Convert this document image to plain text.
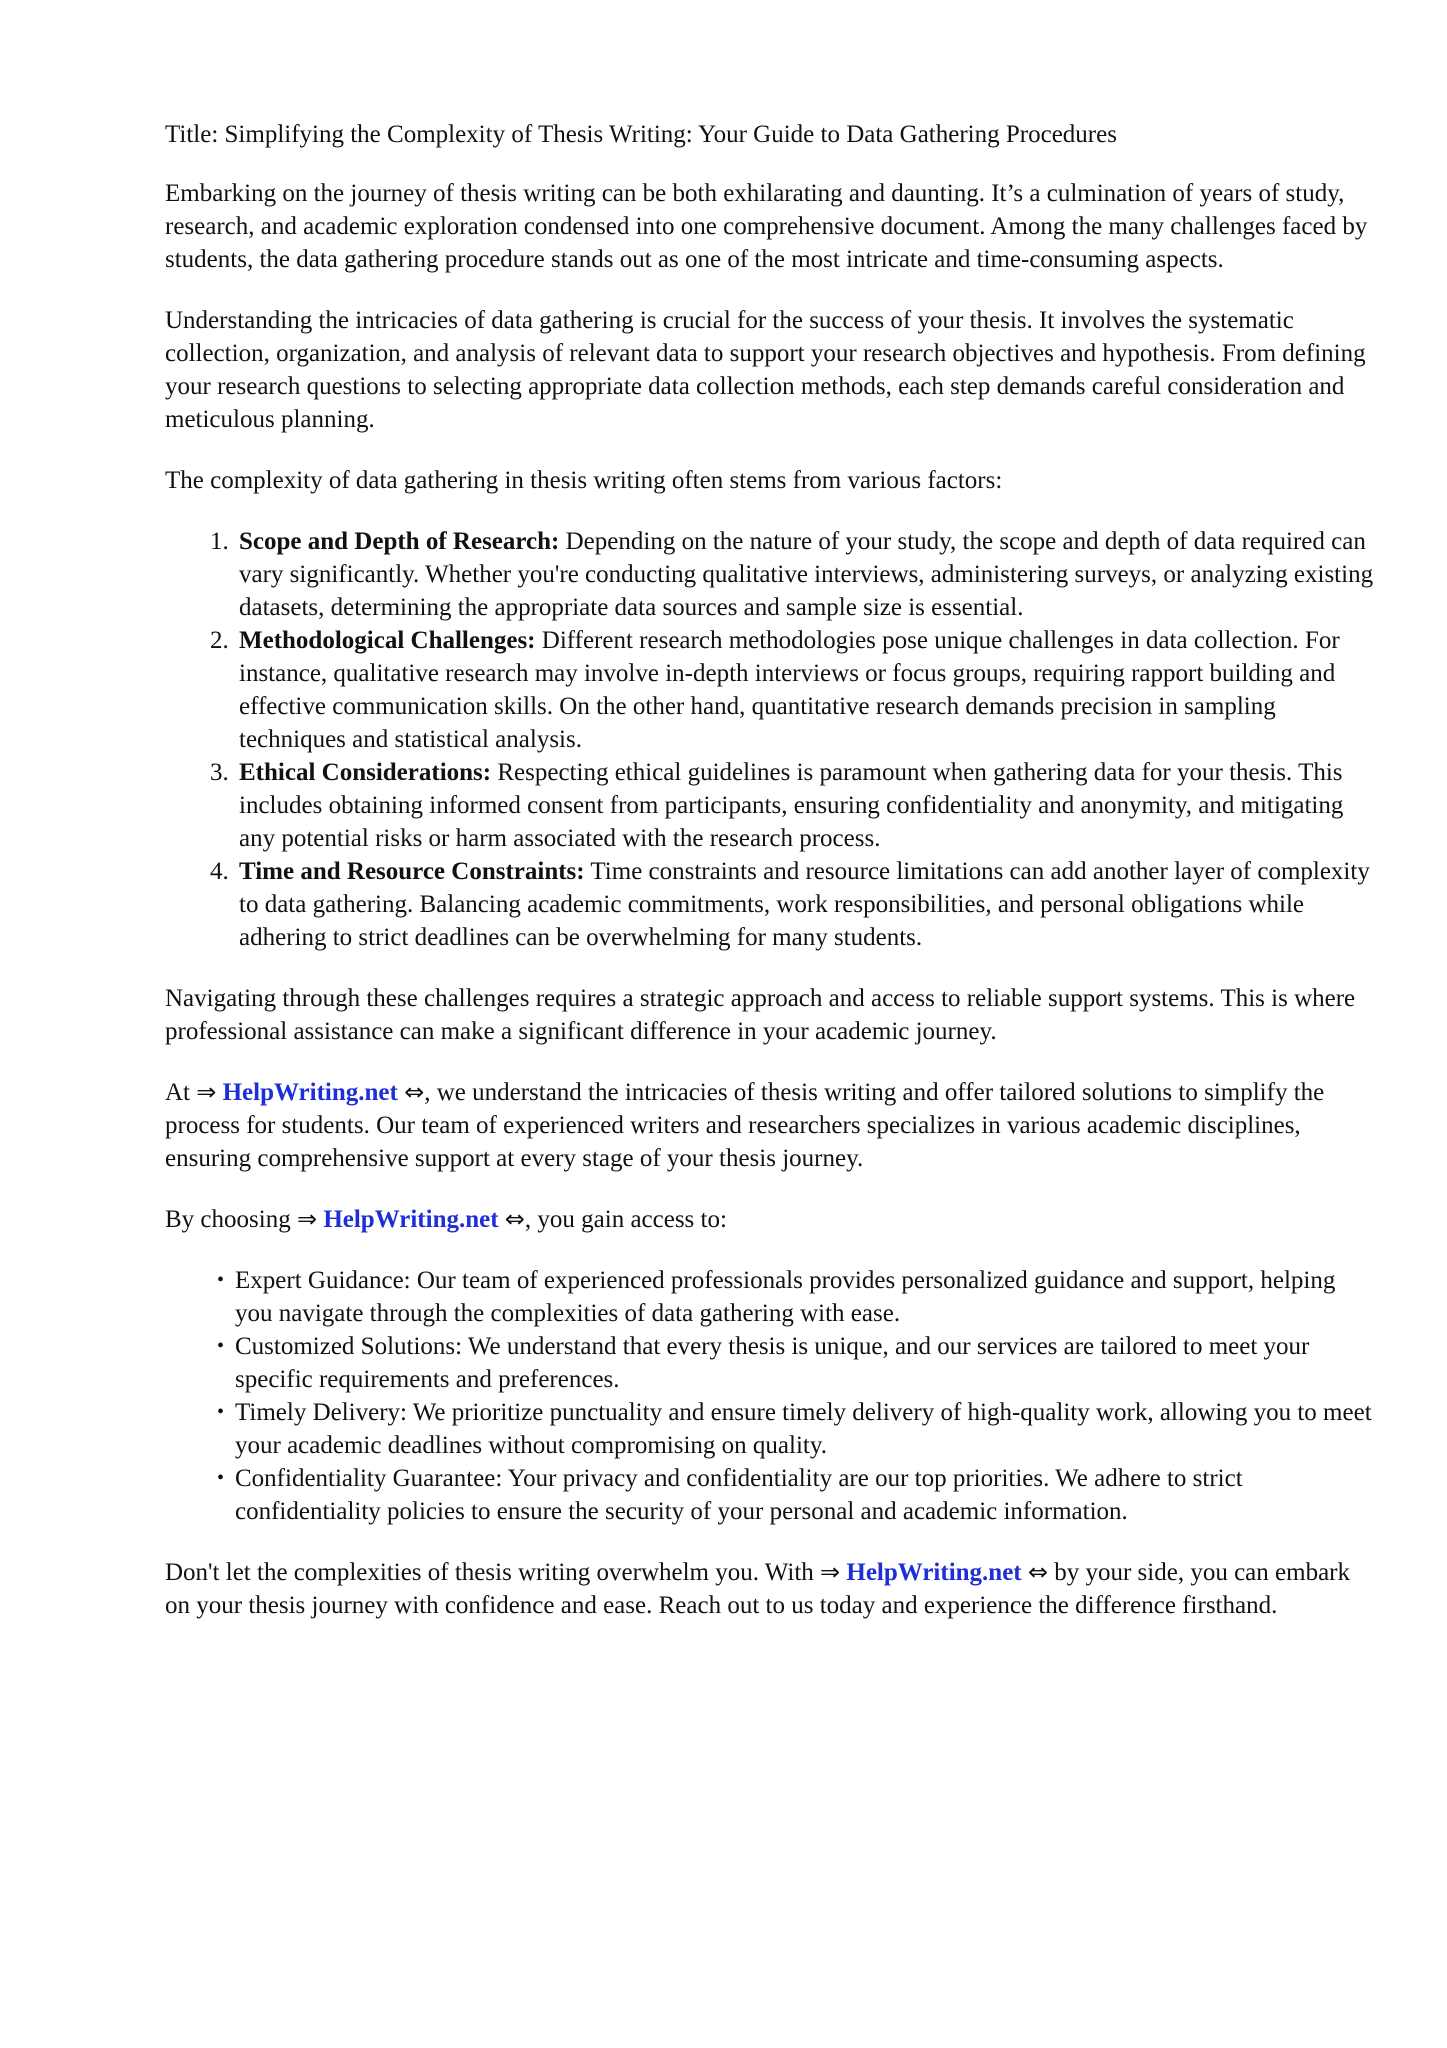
Title: Simplifying the Complexity of Thesis Writing: Your Guide to Data Gathering Procedures

Embarking on the journey of thesis writing can be both exhilarating and daunting. It’s a culmination of years of study, research, and academic exploration condensed into one comprehensive document. Among the many challenges faced by students, the data gathering procedure stands out as one of the most intricate and time-consuming aspects.

Understanding the intricacies of data gathering is crucial for the success of your thesis. It involves the systematic collection, organization, and analysis of relevant data to support your research objectives and hypothesis. From defining your research questions to selecting appropriate data collection methods, each step demands careful consideration and meticulous planning.

The complexity of data gathering in thesis writing often stems from various factors:

1. Scope and Depth of Research: Depending on the nature of your study, the scope and depth of data required can vary significantly. Whether you're conducting qualitative interviews, administering surveys, or analyzing existing datasets, determining the appropriate data sources and sample size is essential.
2. Methodological Challenges: Different research methodologies pose unique challenges in data collection. For instance, qualitative research may involve in-depth interviews or focus groups, requiring rapport building and effective communication skills. On the other hand, quantitative research demands precision in sampling techniques and statistical analysis.
3. Ethical Considerations: Respecting ethical guidelines is paramount when gathering data for your thesis. This includes obtaining informed consent from participants, ensuring confidentiality and anonymity, and mitigating any potential risks or harm associated with the research process.
4. Time and Resource Constraints: Time constraints and resource limitations can add another layer of complexity to data gathering. Balancing academic commitments, work responsibilities, and personal obligations while adhering to strict deadlines can be overwhelming for many students.

Navigating through these challenges requires a strategic approach and access to reliable support systems. This is where professional assistance can make a significant difference in your academic journey.

At ⇒ HelpWriting.net ⇔, we understand the intricacies of thesis writing and offer tailored solutions to simplify the process for students. Our team of experienced writers and researchers specializes in various academic disciplines, ensuring comprehensive support at every stage of your thesis journey.

By choosing ⇒ HelpWriting.net ⇔, you gain access to:

• Expert Guidance: Our team of experienced professionals provides personalized guidance and support, helping you navigate through the complexities of data gathering with ease.
• Customized Solutions: We understand that every thesis is unique, and our services are tailored to meet your specific requirements and preferences.
• Timely Delivery: We prioritize punctuality and ensure timely delivery of high-quality work, allowing you to meet your academic deadlines without compromising on quality.
• Confidentiality Guarantee: Your privacy and confidentiality are our top priorities. We adhere to strict confidentiality policies to ensure the security of your personal and academic information.

Don't let the complexities of thesis writing overwhelm you. With ⇒ HelpWriting.net ⇔ by your side, you can embark on your thesis journey with confidence and ease. Reach out to us today and experience the difference firsthand.
